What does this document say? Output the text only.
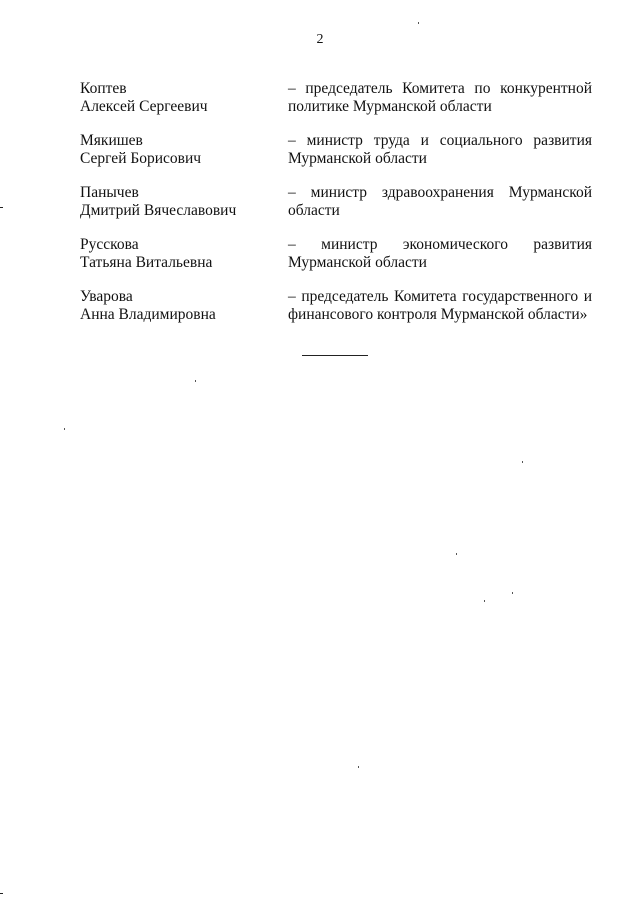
2
Коптев
Алексей Сергеевич
– председатель Комитета по конкурентной политике Мурманской области
Мякишев
Сергей Борисович
– министр труда и социального развития Мурманской области
Панычев
Дмитрий Вячеславович
– министр здравоохранения Мурманской области
Русскова
Татьяна Витальевна
– министр экономического развития Мурманской области
Уварова
Анна Владимировна
– председатель Комитета государственного и финансового контроля Мурманской области»
